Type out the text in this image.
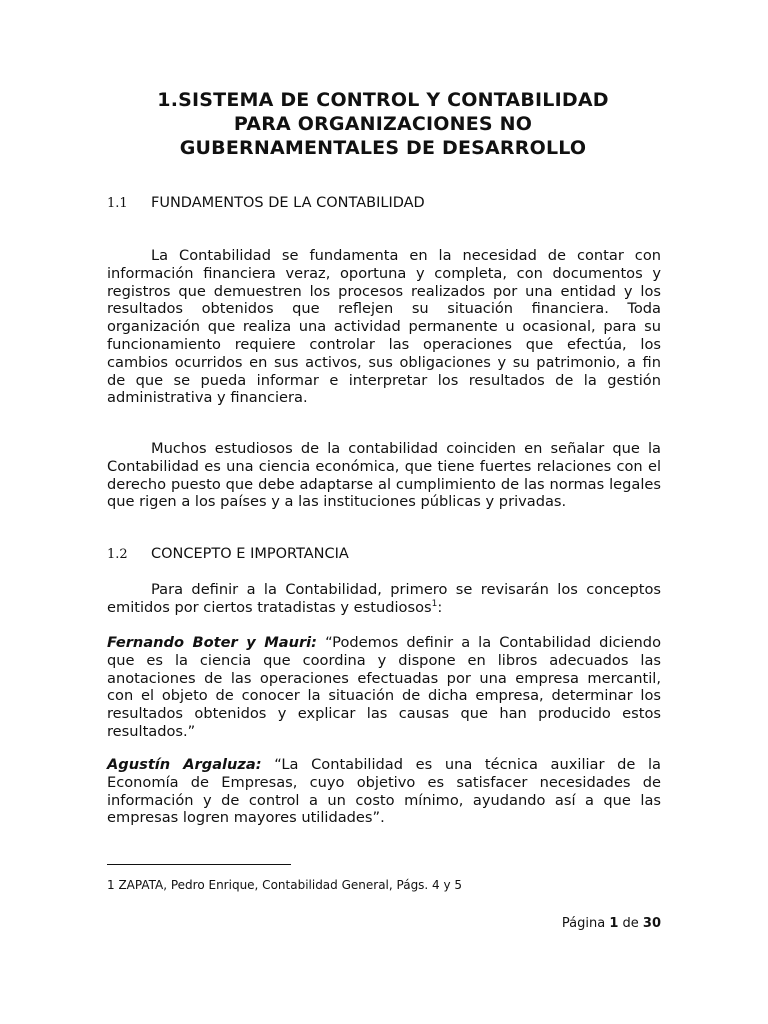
1.SISTEMA DE CONTROL Y CONTABILIDAD
PARA ORGANIZACIONES NO
GUBERNAMENTALES DE DESARROLLO
1.1 FUNDAMENTOS DE LA CONTABILIDAD

La Contabilidad se fundamenta en la necesidad de contar con información financiera veraz, oportuna y completa, con documentos y registros que demuestren los procesos realizados por una entidad y los resultados obtenidos que reflejen su situación financiera. Toda organización que realiza una actividad permanente u ocasional, para su funcionamiento requiere controlar las operaciones que efectúa, los cambios ocurridos en sus activos, sus obligaciones y su patrimonio, a fin de que se pueda informar e interpretar los resultados de la gestión administrativa y financiera.

Muchos estudiosos de la contabilidad coinciden en señalar que la Contabilidad es una ciencia económica, que tiene fuertes relaciones con el derecho puesto que debe adaptarse al cumplimiento de las normas legales que rigen a los países y a las instituciones públicas y privadas.

1.2 CONCEPTO E IMPORTANCIA

Para definir a la Contabilidad, primero se revisarán los conceptos emitidos por ciertos tratadistas y estudiosos$^1$:

Fernando Boter y Mauri: “Podemos definir a la Contabilidad diciendo que es la ciencia que coordina y dispone en libros adecuados las anotaciones de las operaciones efectuadas por una empresa mercantil, con el objeto de conocer la situación de dicha empresa, determinar los resultados obtenidos y explicar las causas que han producido estos resultados.”

Agustín Argaluza: “La Contabilidad es una técnica auxiliar de la Economía de Empresas, cuyo objetivo es satisfacer necesidades de información y de control a un costo mínimo, ayudando así a que las empresas logren mayores utilidades”.

1 ZAPATA, Pedro Enrique, Contabilidad General, Págs. 4 y 5
Página 1 de 30
